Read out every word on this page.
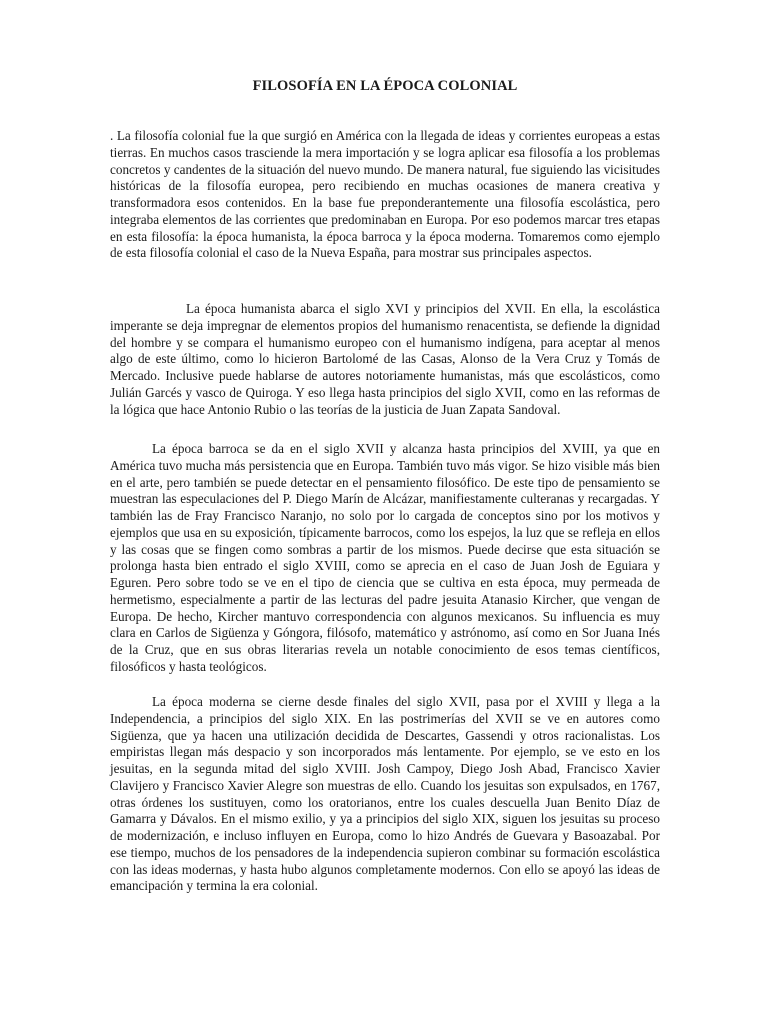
FILOSOFÍA EN LA ÉPOCA COLONIAL

. La filosofía colonial fue la que surgió en América con la llegada de ideas y corrientes europeas a estas tierras. En muchos casos trasciende la mera importación y se logra aplicar esa filosofía a los problemas concretos y candentes de la situación del nuevo mundo. De manera natural, fue siguiendo las vicisitudes históricas de la filosofía europea, pero recibiendo en muchas ocasiones de manera creativa y transformadora esos contenidos. En la base fue preponderantemente una filosofía escolástica, pero integraba elementos de las corrientes que predominaban en Europa. Por eso podemos marcar tres etapas en esta filosofía: la época humanista, la época barroca y la época moderna. Tomaremos como ejemplo de esta filosofía colonial el caso de la Nueva España, para mostrar sus principales aspectos.

La época humanista abarca el siglo XVI y principios del XVII. En ella, la escolástica imperante se deja impregnar de elementos propios del humanismo renacentista, se defiende la dignidad del hombre y se compara el humanismo europeo con el humanismo indígena, para aceptar al menos algo de este último, como lo hicieron Bartolomé de las Casas, Alonso de la Vera Cruz y Tomás de Mercado. Inclusive puede hablarse de autores notoriamente humanistas, más que escolásticos, como Julián Garcés y vasco de Quiroga. Y eso llega hasta principios del siglo XVII, como en las reformas de la lógica que hace Antonio Rubio o las teorías de la justicia de Juan Zapata Sandoval.

La época barroca se da en el siglo XVII y alcanza hasta principios del XVIII, ya que en América tuvo mucha más persistencia que en Europa. También tuvo más vigor. Se hizo visible más bien en el arte, pero también se puede detectar en el pensamiento filosófico. De este tipo de pensamiento se muestran las especulaciones del P. Diego Marín de Alcázar, manifiestamente culteranas y recargadas. Y también las de Fray Francisco Naranjo, no solo por lo cargada de conceptos sino por los motivos y ejemplos que usa en su exposición, típicamente barrocos, como los espejos, la luz que se refleja en ellos y las cosas que se fingen como sombras a partir de los mismos. Puede decirse que esta situación se prolonga hasta bien entrado el siglo XVIII, como se aprecia en el caso de Juan Josh de Eguiara y Eguren. Pero sobre todo se ve en el tipo de ciencia que se cultiva en esta época, muy permeada de hermetismo, especialmente a partir de las lecturas del padre jesuita Atanasio Kircher, que vengan de Europa. De hecho, Kircher mantuvo correspondencia con algunos mexicanos. Su influencia es muy clara en Carlos de Sigüenza y Góngora, filósofo, matemático y astrónomo, así como en Sor Juana Inés de la Cruz, que en sus obras literarias revela un notable conocimiento de esos temas científicos, filosóficos y hasta teológicos.

La época moderna se cierne desde finales del siglo XVII, pasa por el XVIII y llega a la Independencia, a principios del siglo XIX. En las postrimerías del XVII se ve en autores como Sigüenza, que ya hacen una utilización decidida de Descartes, Gassendi y otros racionalistas. Los empiristas llegan más despacio y son incorporados más lentamente. Por ejemplo, se ve esto en los jesuitas, en la segunda mitad del siglo XVIII. Josh Campoy, Diego Josh Abad, Francisco Xavier Clavijero y Francisco Xavier Alegre son muestras de ello. Cuando los jesuitas son expulsados, en 1767, otras órdenes los sustituyen, como los oratorianos, entre los cuales descuella Juan Benito Díaz de Gamarra y Dávalos. En el mismo exilio, y ya a principios del siglo XIX, siguen los jesuitas su proceso de modernización, e incluso influyen en Europa, como lo hizo Andrés de Guevara y Basoazabal. Por ese tiempo, muchos de los pensadores de la independencia supieron combinar su formación escolástica con las ideas modernas, y hasta hubo algunos completamente modernos. Con ello se apoyó las ideas de emancipación y termina la era colonial.
